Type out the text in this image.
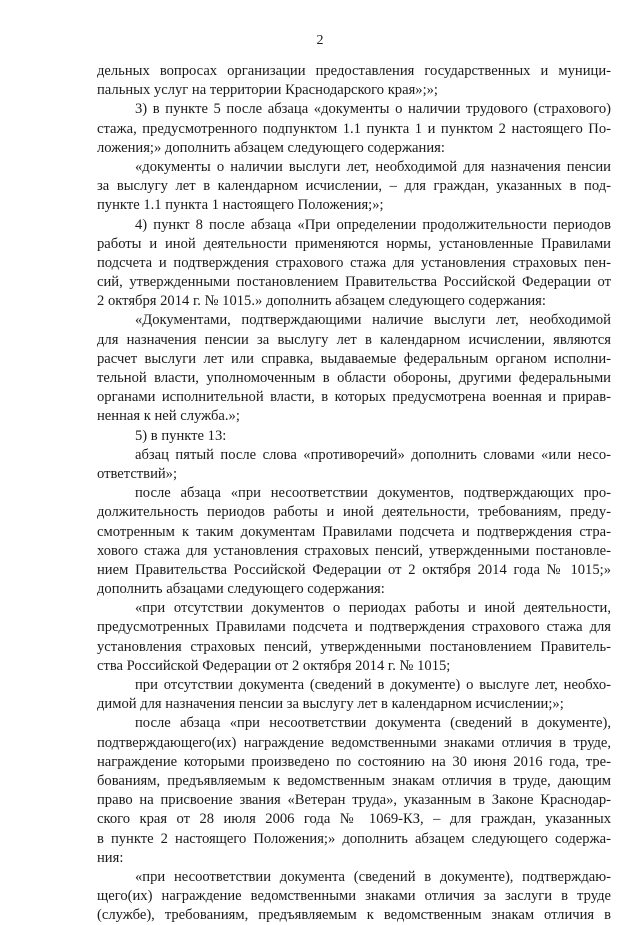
2
дельных вопросах организации предоставления государственных и муници-
пальных услуг на территории Краснодарского края»;»;
3) в пункте 5 после абзаца «документы о наличии трудового (страхового)
стажа, предусмотренного подпунктом 1.1 пункта 1 и пунктом 2 настоящего По-
ложения;» дополнить абзацем следующего содержания:
«документы о наличии выслуги лет, необходимой для назначения пенсии
за выслугу лет в календарном исчислении, – для граждан, указанных в под-
пункте 1.1 пункта 1 настоящего Положения;»;
4) пункт 8 после абзаца «При определении продолжительности периодов
работы и иной деятельности применяются нормы, установленные Правилами
подсчета и подтверждения страхового стажа для установления страховых пен-
сий, утвержденными постановлением Правительства Российской Федерации от
2 октября 2014 г. № 1015.» дополнить абзацем следующего содержания:
«Документами, подтверждающими наличие выслуги лет, необходимой
для назначения пенсии за выслугу лет в календарном исчислении, являются
расчет выслуги лет или справка, выдаваемые федеральным органом исполни-
тельной власти, уполномоченным в области обороны, другими федеральными
органами исполнительной власти, в которых предусмотрена военная и прирав-
ненная к ней служба.»;
5) в пункте 13:
абзац пятый после слова «противоречий» дополнить словами «или несо-
ответствий»;
после абзаца «при несоответствии документов, подтверждающих про-
должительность периодов работы и иной деятельности, требованиям, преду-
смотренным к таким документам Правилами подсчета и подтверждения стра-
хового стажа для установления страховых пенсий, утвержденными постановле-
нием Правительства Российской Федерации от 2 октября 2014 года № 1015;»
дополнить абзацами следующего содержания:
«при отсутствии документов о периодах работы и иной деятельности,
предусмотренных Правилами подсчета и подтверждения страхового стажа для
установления страховых пенсий, утвержденными постановлением Правитель-
ства Российской Федерации от 2 октября 2014 г. № 1015;
при отсутствии документа (сведений в документе) о выслуге лет, необхо-
димой для назначения пенсии за выслугу лет в календарном исчислении;»;
после абзаца «при несоответствии документа (сведений в документе),
подтверждающего(их) награждение ведомственными знаками отличия в труде,
награждение которыми произведено по состоянию на 30 июня 2016 года, тре-
бованиям, предъявляемым к ведомственным знакам отличия в труде, дающим
право на присвоение звания «Ветеран труда», указанным в Законе Краснодар-
ского края от 28 июля 2006 года № 1069-КЗ, – для граждан, указанных
в пункте 2 настоящего Положения;» дополнить абзацем следующего содержа-
ния:
«при несоответствии документа (сведений в документе), подтверждаю-
щего(их) награждение ведомственными знаками отличия за заслуги в труде
(службе), требованиям, предъявляемым к ведомственным знакам отличия в
